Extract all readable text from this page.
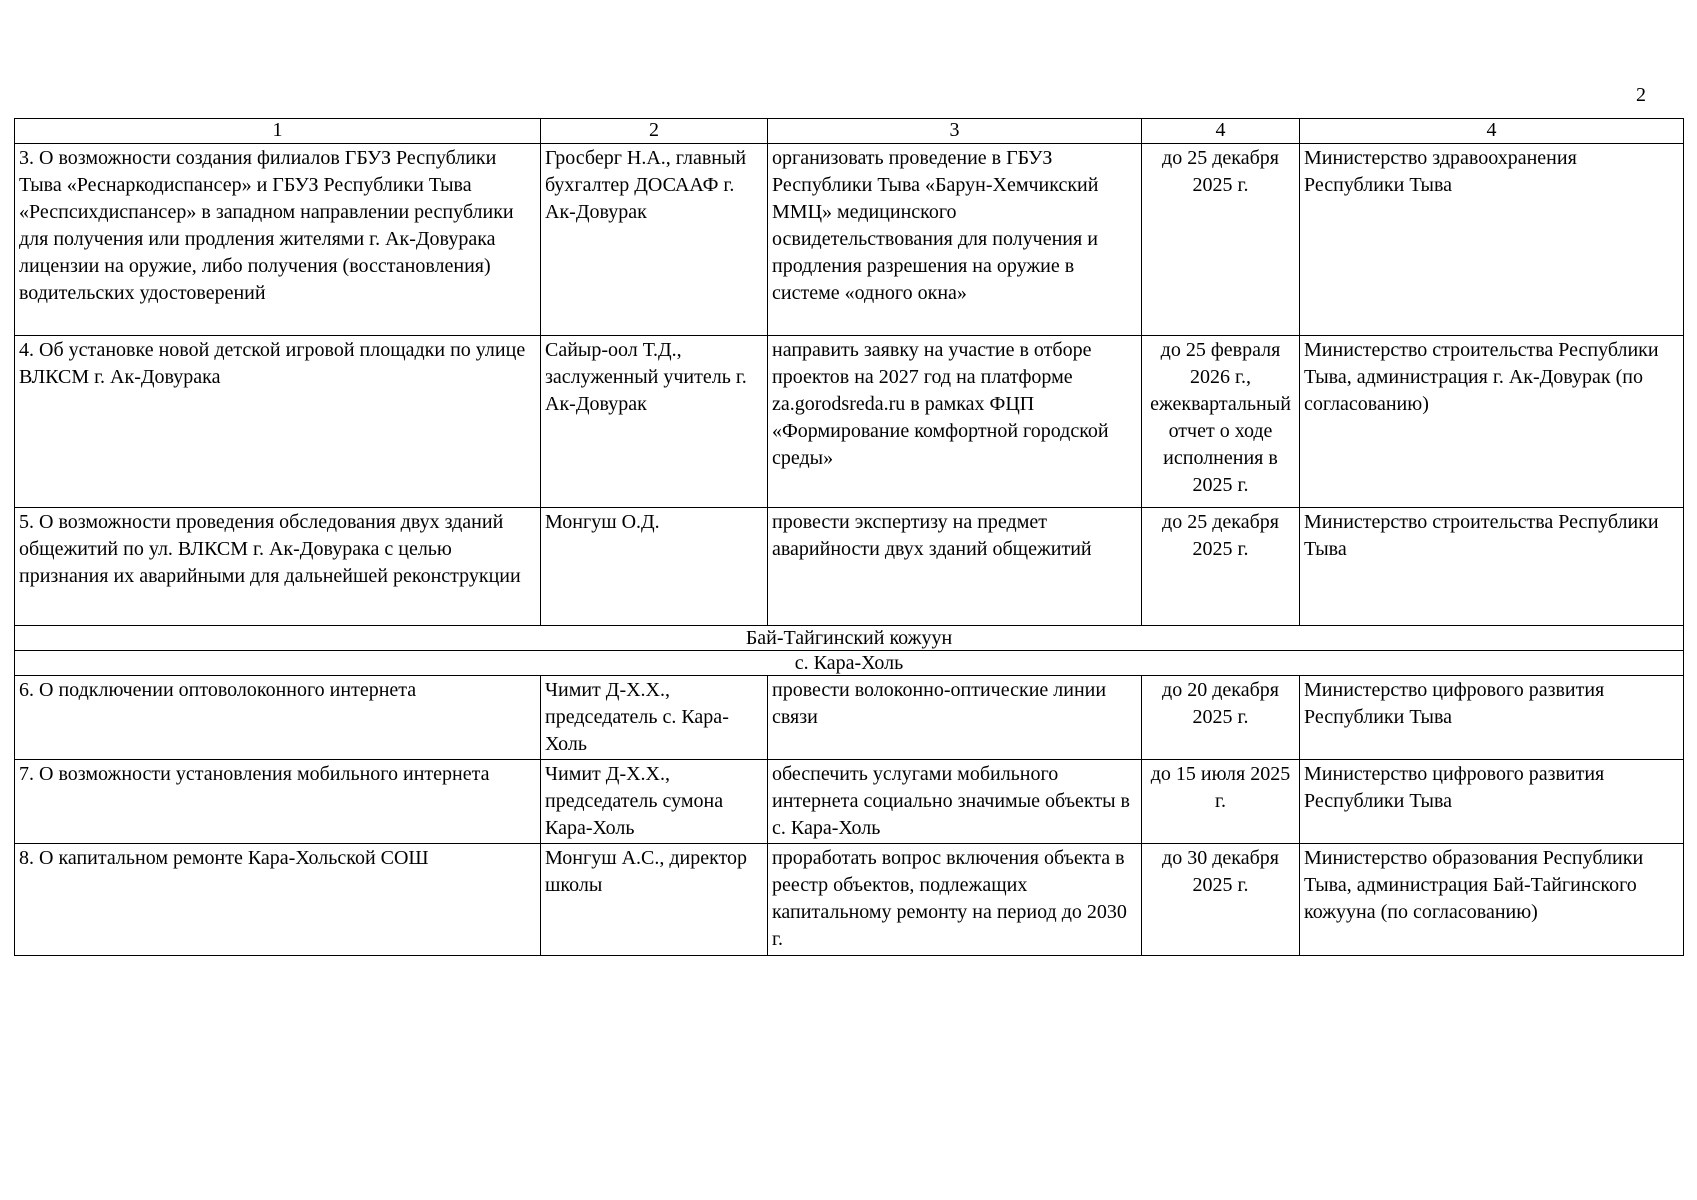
2
1	2	3	4	4
3. О возможности создания филиалов ГБУЗ Республики Тыва «Реснаркодиспансер» и ГБУЗ Республики Тыва «Респсихдиспансер» в западном направлении республики для получения или продления жителями г. Ак-Довурака лицензии на оружие, либо получения (восстановления) водительских удостоверений	Гросберг Н.А., главный бухгалтер ДОСААФ г. Ак-Довурак	организовать проведение в ГБУЗ Республики Тыва «Барун-Хемчикский ММЦ» медицинского освидетельствования для получения и продления разрешения на оружие в системе «одного окна»	до 25 декабря 2025 г.	Министерство здравоохранения Республики Тыва
4. Об установке новой детской игровой площадки по улице ВЛКСМ г. Ак-Довурака	Сайыр-оол Т.Д., заслуженный учитель г. Ак-Довурак	направить заявку на участие в отборе проектов на 2027 год на платформе za.gorodsreda.ru в рамках ФЦП «Формирование комфортной городской среды»	до 25 февраля 2026 г., ежеквартальный отчет о ходе исполнения в 2025 г.	Министерство строительства Республики Тыва, администрация г. Ак-Довурак (по согласованию)
5. О возможности проведения обследования двух зданий общежитий по ул. ВЛКСМ г. Ак-Довурака с целью признания их аварийными для дальнейшей реконструкции	Монгуш О.Д.	провести экспертизу на предмет аварийности двух зданий общежитий	до 25 декабря 2025 г.	Министерство строительства Республики Тыва
Бай-Тайгинский кожуун				
с. Кара-Холь				
6. О подключении оптоволоконного интернета	Чимит Д-Х.Х., председатель с. Кара-Холь	провести волоконно-оптические линии связи	до 20 декабря 2025 г.	Министерство цифрового развития Республики Тыва
7. О возможности установления мобильного интернета	Чимит Д-Х.Х., председатель сумона Кара-Холь	обеспечить услугами мобильного интернета социально значимые объекты в с. Кара-Холь	до 15 июля 2025 г.	Министерство цифрового развития Республики Тыва
8. О капитальном ремонте Кара-Хольской СОШ	Монгуш А.С., директор школы	проработать вопрос включения объекта в реестр объектов, подлежащих капитальному ремонту на период до 2030 г.	до 30 декабря 2025 г.	Министерство образования Республики Тыва, администрация Бай-Тайгинского кожууна (по согласованию)
